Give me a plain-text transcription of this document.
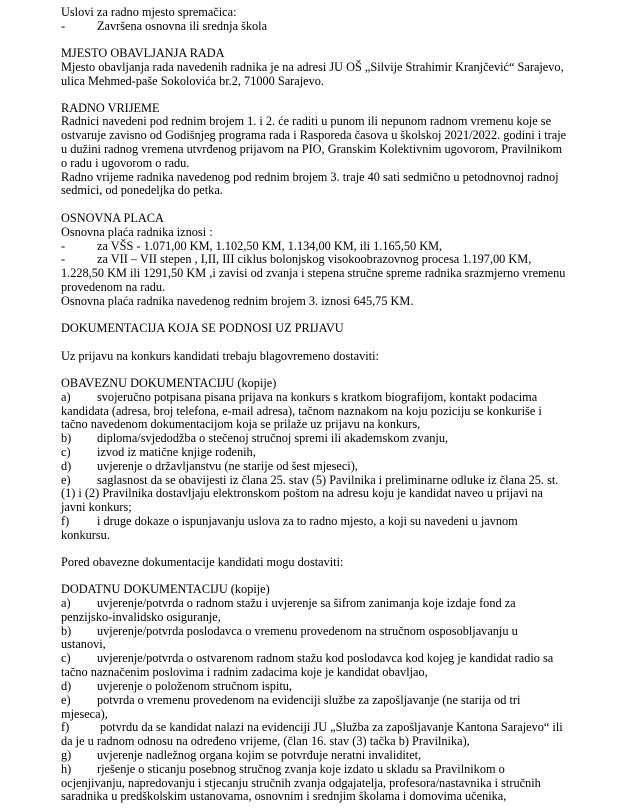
Uslovi za radno mjesto spremačica:
-	Završena osnovna ili srednja škola
MJESTO OBAVLJANJA RADA
Mjesto obavljanja rada navedenih radnika je na adresi JU OŠ „Silvije Strahimir Kranjčević“ Sarajevo,
ulica Mehmed-paše Sokolovića br.2, 71000 Sarajevo.
RADNO VRIJEME
Radnici navedeni pod rednim brojem 1. i 2. će raditi u punom ili nepunom radnom vremenu koje se
ostvaruje zavisno od Godišnjeg programa rada i Rasporeda časova u školskoj 2021/2022. godini i traje
u dužini radnog vremena utvrđenog prijavom na PIO, Granskim Kolektivnim ugovorom, Pravilnikom
o radu i ugovorom o radu.
Radno vrijeme radnika navedenog pod rednim brojem 3. traje 40 sati sedmično u petodnovnoj radnoj
sedmici, od ponedeljka do petka.
OSNOVNA PLACA
Osnovna plaća radnika iznosi :
-	za VŠS - 1.071,00 KM, 1.102,50 KM, 1.134,00 KM, ili 1.165,50 KM,
-	za VII – VII stepen , I,II, III ciklus bolonjskog visokoobrazovnog procesa 1.197,00 KM,
1.228,50 KM ili 1291,50 KM ,i zavisi od zvanja i stepena stručne spreme radnika srazmjerno vremenu
provedenom na radu.
Osnovna plaća radnika navedenog rednim brojem 3. iznosi 645,75 KM.
DOKUMENTACIJA KOJA SE PODNOSI UZ PRIJAVU
Uz prijavu na konkurs kandidati trebaju blagovremeno dostaviti:
OBAVEZNU DOKUMENTACIJU (kopije)
a) svojeručno potpisana pisana prijava na konkurs s kratkom biografijom, kontakt podacima
kandidata (adresa, broj telefona, e-mail adresa), tačnom naznakom na koju poziciju se konkuriše i
tačno navedenom dokumentacijom koja se prilaže uz prijavu na konkurs,
b) diploma/svjedodžba o stečenoj stručnoj spremi ili akademskom zvanju,
c) izvod iz matične knjige rođenih,
d) uvjerenje o državljanstvu (ne starije od šest mjeseci),
e) saglasnost da se obavijesti iz člana 25. stav (5) Pavilnika i preliminarne odluke iz člana 25. st.
(1) i (2) Pravilnika dostavljaju elektronskom poštom na adresu koju je kandidat naveo u prijavi na
javni konkurs;
f) i druge dokaze o ispunjavanju uslova za to radno mjesto, a koji su navedeni u javnom
konkursu.
Pored obavezne dokumentacije kandidati mogu dostaviti:
DODATNU DOKUMENTACIJU (kopije)
a) uvjerenje/potvrda o radnom stažu i uvjerenje sa šifrom zanimanja koje izdaje fond za
penzijsko-invalidsko osiguranje,
b) uvjerenje/potvrda poslodavca o vremenu provedenom na stručnom osposobljavanju u
ustanovi,
c) uvjerenje/potvrda o ostvarenom radnom stažu kod poslodavca kod kojeg je kandidat radio sa
tačno naznačenim poslovima i radnim zadacima koje je kandidat obavljao,
d) uvjerenje o položenom stručnom ispitu,
e) potvrda o vremenu provedenom na evidenciji službe za zapošljavanje (ne starija od tri
mjeseca),
f)	potvrdu da se kandidat nalazi na evidenciji JU „Služba za zapošljavanje Kantona Sarajevo“ ili
da je u radnom odnosu na određeno vrijeme, (član 16. stav (3) tačka b) Pravilnika),
g) uvjerenje nadležnog organa kojim se potvrđuje neratni invaliditet,
h) rješenje o sticanju posebnog stručnog zvanja koje izdato u skladu sa Pravilnikom o
ocjenjivanju, napredovanju i stjecanju stručnih zvanja odgajatelja, profesora/nastavnika i stručnih
saradnika u predškolskim ustanovama, osnovnim i srednjim školama i domovima učenika,
